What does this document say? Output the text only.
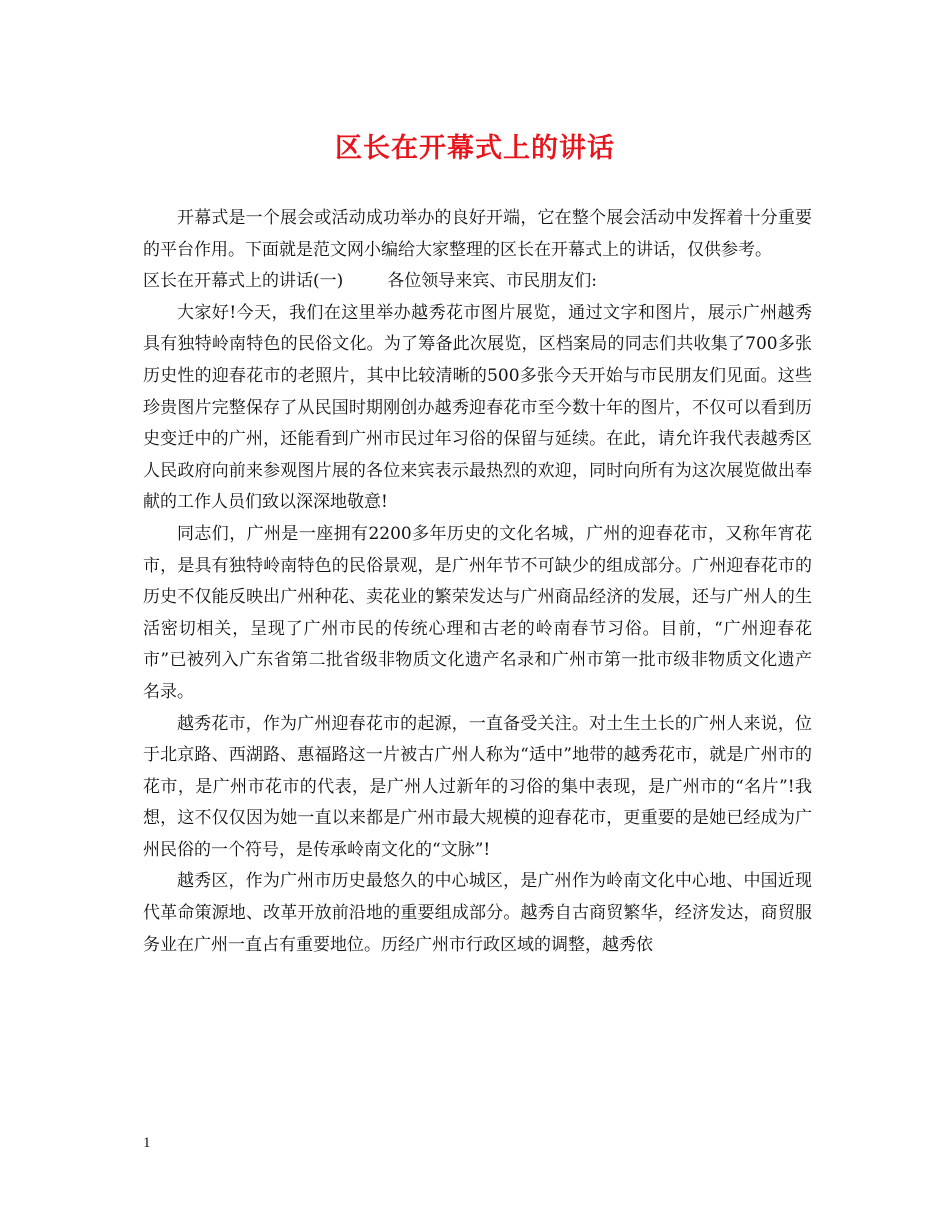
区长在开幕式上的讲话

开幕式是一个展会或活动成功举办的良好开端，它在整个展会活动中发挥着十分重要的平台作用。下面就是范文网小编给大家整理的区长在开幕式上的讲话，仅供参考。

区长在开幕式上的讲话(一)	各位领导来宾、市民朋友们:

大家好!今天，我们在这里举办越秀花市图片展览，通过文字和图片，展示广州越秀具有独特岭南特色的民俗文化。为了筹备此次展览，区档案局的同志们共收集了700多张历史性的迎春花市的老照片，其中比较清晰的500多张今天开始与市民朋友们见面。这些珍贵图片完整保存了从民国时期刚创办越秀迎春花市至今数十年的图片，不仅可以看到历史变迁中的广州，还能看到广州市民过年习俗的保留与延续。在此，请允许我代表越秀区人民政府向前来参观图片展的各位来宾表示最热烈的欢迎，同时向所有为这次展览做出奉献的工作人员们致以深深地敬意!

同志们，广州是一座拥有2200多年历史的文化名城，广州的迎春花市，又称年宵花市，是具有独特岭南特色的民俗景观，是广州年节不可缺少的组成部分。广州迎春花市的历史不仅能反映出广州种花、卖花业的繁荣发达与广州商品经济的发展，还与广州人的生活密切相关，呈现了广州市民的传统心理和古老的岭南春节习俗。目前，“广州迎春花市”已被列入广东省第二批省级非物质文化遗产名录和广州市第一批市级非物质文化遗产名录。

越秀花市，作为广州迎春花市的起源，一直备受关注。对土生土长的广州人来说，位于北京路、西湖路、惠福路这一片被古广州人称为“适中”地带的越秀花市，就是广州市的花市，是广州市花市的代表，是广州人过新年的习俗的集中表现，是广州市的“名片”!我想，这不仅仅因为她一直以来都是广州市最大规模的迎春花市，更重要的是她已经成为广州民俗的一个符号，是传承岭南文化的“文脉”!

越秀区，作为广州市历史最悠久的中心城区，是广州作为岭南文化中心地、中国近现代革命策源地、改革开放前沿地的重要组成部分。越秀自古商贸繁华，经济发达，商贸服务业在广州一直占有重要地位。历经广州市行政区域的调整，越秀依

1
